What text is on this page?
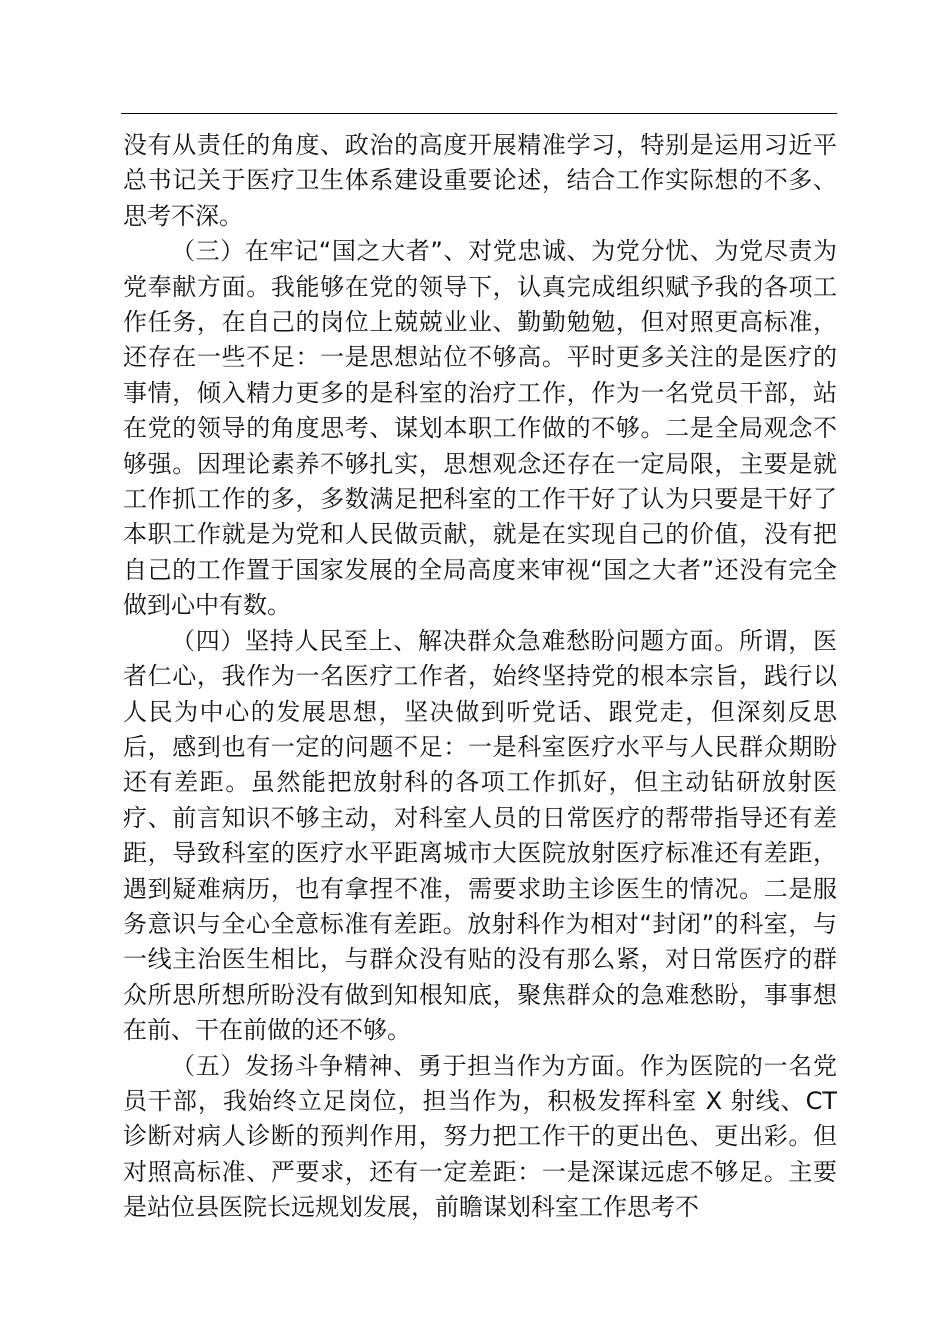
没有从责任的角度、政治的高度开展精准学习，特别是运用习近平总书记关于医疗卫生体系建设重要论述，结合工作实际想的不多、思考不深。

（三）在牢记“国之大者”、对党忠诚、为党分忧、为党尽责为党奉献方面。我能够在党的领导下，认真完成组织赋予我的各项工作任务，在自己的岗位上兢兢业业、勤勤勉勉，但对照更高标准，还存在一些不足：一是思想站位不够高。平时更多关注的是医疗的事情，倾入精力更多的是科室的治疗工作，作为一名党员干部，站在党的领导的角度思考、谋划本职工作做的不够。二是全局观念不够强。因理论素养不够扎实，思想观念还存在一定局限，主要是就工作抓工作的多，多数满足把科室的工作干好了认为只要是干好了本职工作就是为党和人民做贡献，就是在实现自己的价值，没有把自己的工作置于国家发展的全局高度来审视“国之大者”还没有完全做到心中有数。

（四）坚持人民至上、解决群众急难愁盼问题方面。所谓，医者仁心，我作为一名医疗工作者，始终坚持党的根本宗旨，践行以人民为中心的发展思想，坚决做到听党话、跟党走，但深刻反思后，感到也有一定的问题不足：一是科室医疗水平与人民群众期盼还有差距。虽然能把放射科的各项工作抓好，但主动钻研放射医疗、前言知识不够主动，对科室人员的日常医疗的帮带指导还有差距，导致科室的医疗水平距离城市大医院放射医疗标准还有差距，遇到疑难病历，也有拿捏不准，需要求助主诊医生的情况。二是服务意识与全心全意标准有差距。放射科作为相对“封闭”的科室，与一线主治医生相比，与群众没有贴的没有那么紧，对日常医疗的群众所思所想所盼没有做到知根知底，聚焦群众的急难愁盼，事事想在前、干在前做的还不够。

（五）发扬斗争精神、勇于担当作为方面。作为医院的一名党员干部，我始终立足岗位，担当作为，积极发挥科室 X 射线、CT 诊断对病人诊断的预判作用，努力把工作干的更出色、更出彩。但对照高标准、严要求，还有一定差距：一是深谋远虑不够足。主要是站位县医院长远规划发展，前瞻谋划科室工作思考不
